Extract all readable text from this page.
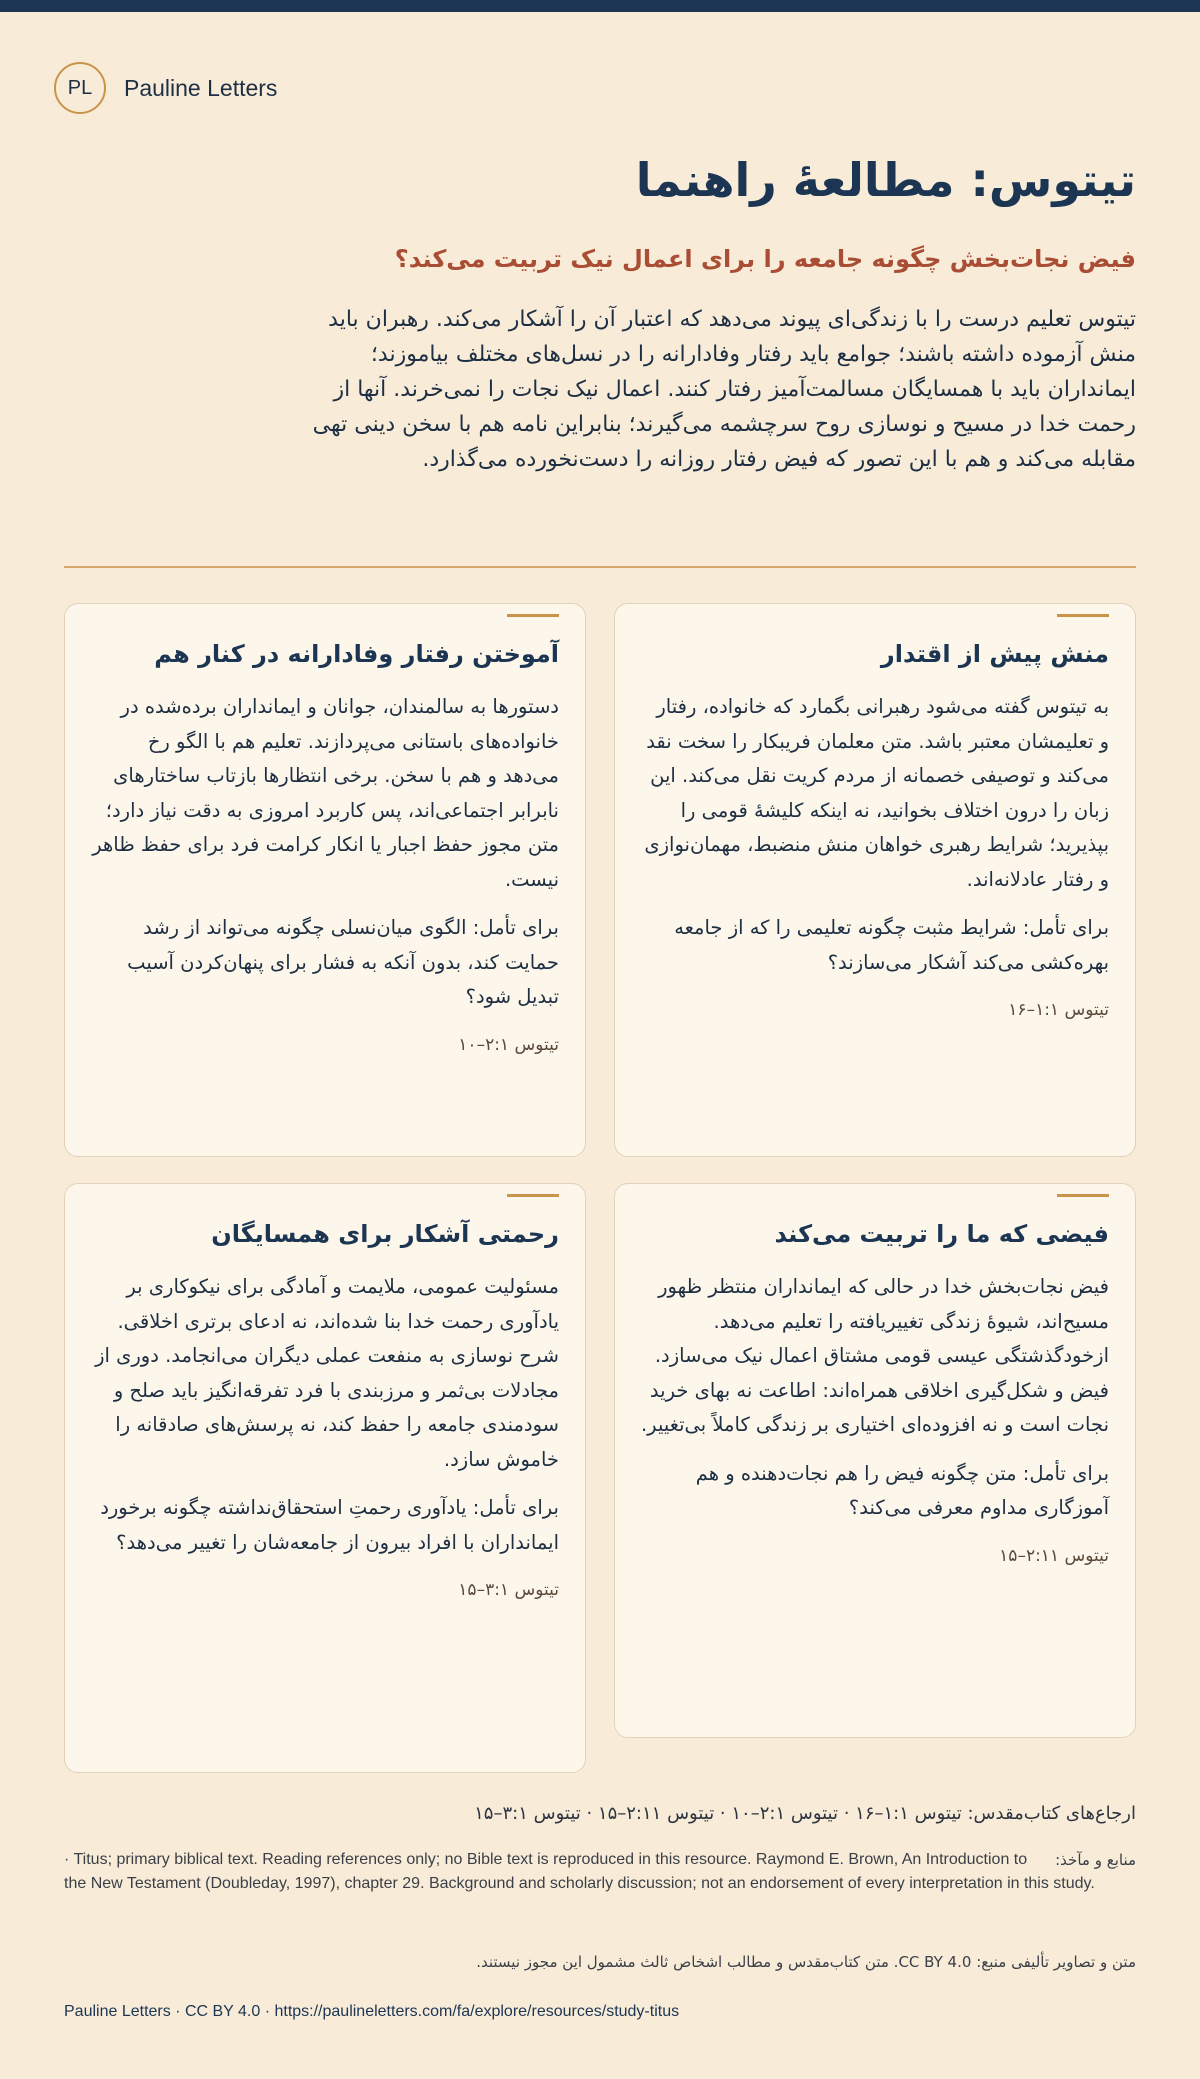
PL	Pauline Letters
تیتوس: مطالعهٔ راهنما
فیض نجات‌بخش چگونه جامعه را برای اعمال نیک تربیت می‌کند؟

تیتوس تعلیم درست را با زندگی‌ای پیوند می‌دهد که اعتبار آن را آشکار می‌کند. رهبران باید منش آزموده داشته باشند؛ جوامع باید رفتار وفادارانه را در نسل‌های مختلف بیاموزند؛ ایمانداران باید با همسایگان مسالمت‌آمیز رفتار کنند. اعمال نیک نجات را نمی‌خرند. آنها از رحمت خدا در مسیح و نوسازی روح سرچشمه می‌گیرند؛ بنابراین نامه هم با سخن دینی تهی مقابله می‌کند و هم با این تصور که فیض رفتار روزانه را دست‌نخورده می‌گذارد.

منش پیش از اقتدار

به تیتوس گفته می‌شود رهبرانی بگمارد که خانواده، رفتار و تعلیمشان معتبر باشد. متن معلمان فریبکار را سخت نقد می‌کند و توصیفی خصمانه از مردم کریت نقل می‌کند. این زبان را درون اختلاف بخوانید، نه اینکه کلیشهٔ قومی را بپذیرید؛ شرایط رهبری خواهان منش منضبط، مهمان‌نوازی و رفتار عادلانه‌اند.

برای تأمل: شرایط مثبت چگونه تعلیمی را که از جامعه بهره‌کشی می‌کند آشکار می‌سازند؟

تیتوس ۱:۱–۱۶

آموختن رفتار وفادارانه در کنار هم

دستورها به سالمندان، جوانان و ایمانداران برده‌شده در خانواده‌های باستانی می‌پردازند. تعلیم هم با الگو رخ می‌دهد و هم با سخن. برخی انتظارها بازتاب ساختارهای نابرابر اجتماعی‌اند، پس کاربرد امروزی به دقت نیاز دارد؛ متن مجوز حفظ اجبار یا انکار کرامت فرد برای حفظ ظاهر نیست.

برای تأمل: الگوی میان‌نسلی چگونه می‌تواند از رشد حمایت کند، بدون آنکه به فشار برای پنهان‌کردن آسیب تبدیل شود؟

تیتوس ۲:۱–۱۰

فیضی که ما را تربیت می‌کند

فیض نجات‌بخش خدا در حالی که ایمانداران منتظر ظهور مسیح‌اند، شیوهٔ زندگی تغییریافته را تعلیم می‌دهد. ازخودگذشتگی عیسی قومی مشتاق اعمال نیک می‌سازد. فیض و شکل‌گیری اخلاقی همراه‌اند: اطاعت نه بهای خرید نجات است و نه افزوده‌ای اختیاری بر زندگی کاملاً بی‌تغییر.

برای تأمل: متن چگونه فیض را هم نجات‌دهنده و هم آموزگاری مداوم معرفی می‌کند؟

تیتوس ۲:۱۱–۱۵

رحمتی آشکار برای همسایگان

مسئولیت عمومی، ملایمت و آمادگی برای نیکوکاری بر یادآوری رحمت خدا بنا شده‌اند، نه ادعای برتری اخلاقی. شرح نوسازی به منفعت عملی دیگران می‌انجامد. دوری از مجادلات بی‌ثمر و مرزبندی با فرد تفرقه‌انگیز باید صلح و سودمندی جامعه را حفظ کند، نه پرسش‌های صادقانه را خاموش سازد.

برای تأمل: یادآوری رحمتِ استحقاق‌نداشته چگونه برخورد ایمانداران با افراد بیرون از جامعه‌شان را تغییر می‌دهد؟

تیتوس ۳:۱–۱۵

ارجاع‌های کتاب‌مقدس: تیتوس ۱:۱–۱۶ · تیتوس ۲:۱–۱۰ · تیتوس ۲:۱۱–۱۵ · تیتوس ۳:۱–۱۵

منابع و مآخذ:
· Titus; primary biblical text. Reading references only; no Bible text is reproduced in this resource. Raymond E. Brown, An Introduction to the New Testament (Doubleday, 1997), chapter 29. Background and scholarly discussion; not an endorsement of every interpretation in this study.

متن و تصاویر تألیفی منبع: CC BY 4.0. متن کتاب‌مقدس و مطالب اشخاص ثالث مشمول این مجوز نیستند.

Pauline Letters · CC BY 4.0 · https://paulineletters.com/fa/explore/resources/study-titus
